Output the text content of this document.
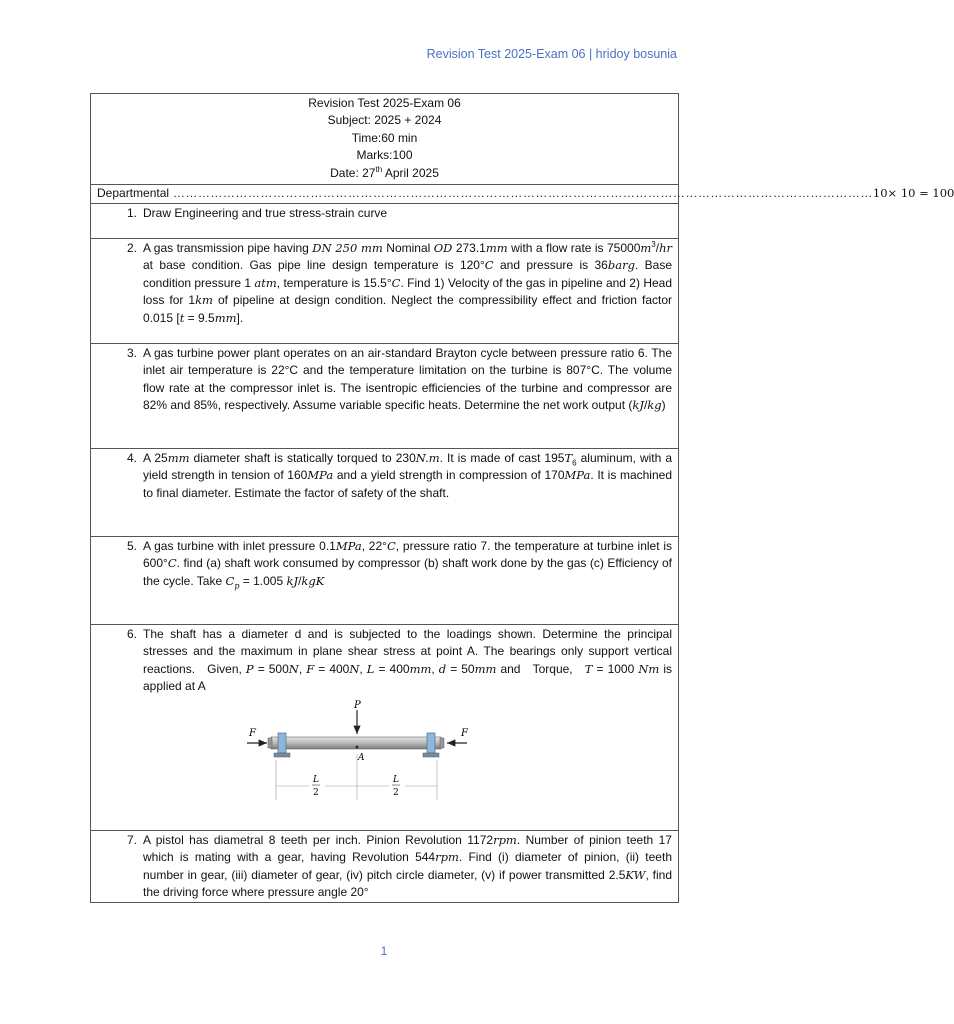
Revision Test 2025-Exam 06 | hridoy bosunia
Revision Test 2025-Exam 06
Subject: 2025 + 2024
Time:60 min
Marks:100
Date: 27th April 2025

Departmental …………………………………………………………………………………………………………………………………………………… 10× 10 = 100

1. Draw Engineering and true stress-strain curve

2. A gas transmission pipe having DN 250 mm Nominal OD 273.1mm with a flow rate is $75000m^3/hr$ at base condition. Gas pipe line design temperature is 120°C and pressure is 36barg. Base condition pressure 1 atm, temperature is 15.5°C. Find 1) Velocity of the gas in pipeline and 2) Head loss for 1km of pipeline at design condition. Neglect the compressibility effect and friction factor 0.015 [t = 9.5mm].

3. A gas turbine power plant operates on an air-standard Brayton cycle between pressure ratio 6. The inlet air temperature is 22°C and the temperature limitation on the turbine is 807°C. The volume flow rate at the compressor inlet is. The isentropic efficiencies of the turbine and compressor are 82% and 85%, respectively. Assume variable specific heats. Determine the net work output (kJ/kg)

4. A 25mm diameter shaft is statically torqued to 230N.m. It is made of cast $195T_6$ aluminum, with a yield strength in tension of 160MPa and a yield strength in compression of 170MPa. It is machined to final diameter. Estimate the factor of safety of the shaft.

5. A gas turbine with inlet pressure 0.1MPa, 22°C, pressure ratio 7. the temperature at turbine inlet is 600°C. find (a) shaft work consumed by compressor (b) shaft work done by the gas (c) Efficiency of the cycle. Take $C_p = 1.005$ kJ/kgK

6. The shaft has a diameter d and is subjected to the loadings shown. Determine the principal stresses and the maximum in plane shear stress at point A. The bearings only support vertical reactions.   Given, P = 500N, F = 400N, L = 400mm, d = 50mm and   Torque,   T = 1000 Nm is applied at A
F	F
P
A
L
2
L
2

7. A pistol has diametral 8 teeth per inch. Pinion Revolution 1172rpm. Number of pinion teeth 17 which is mating with a gear, having Revolution 544rpm. Find (i) diameter of pinion, (ii) teeth number in gear, (iii) diameter of gear, (iv) pitch circle diameter, (v) if power transmitted 2.5KW, find the driving force where pressure angle 20°
1
